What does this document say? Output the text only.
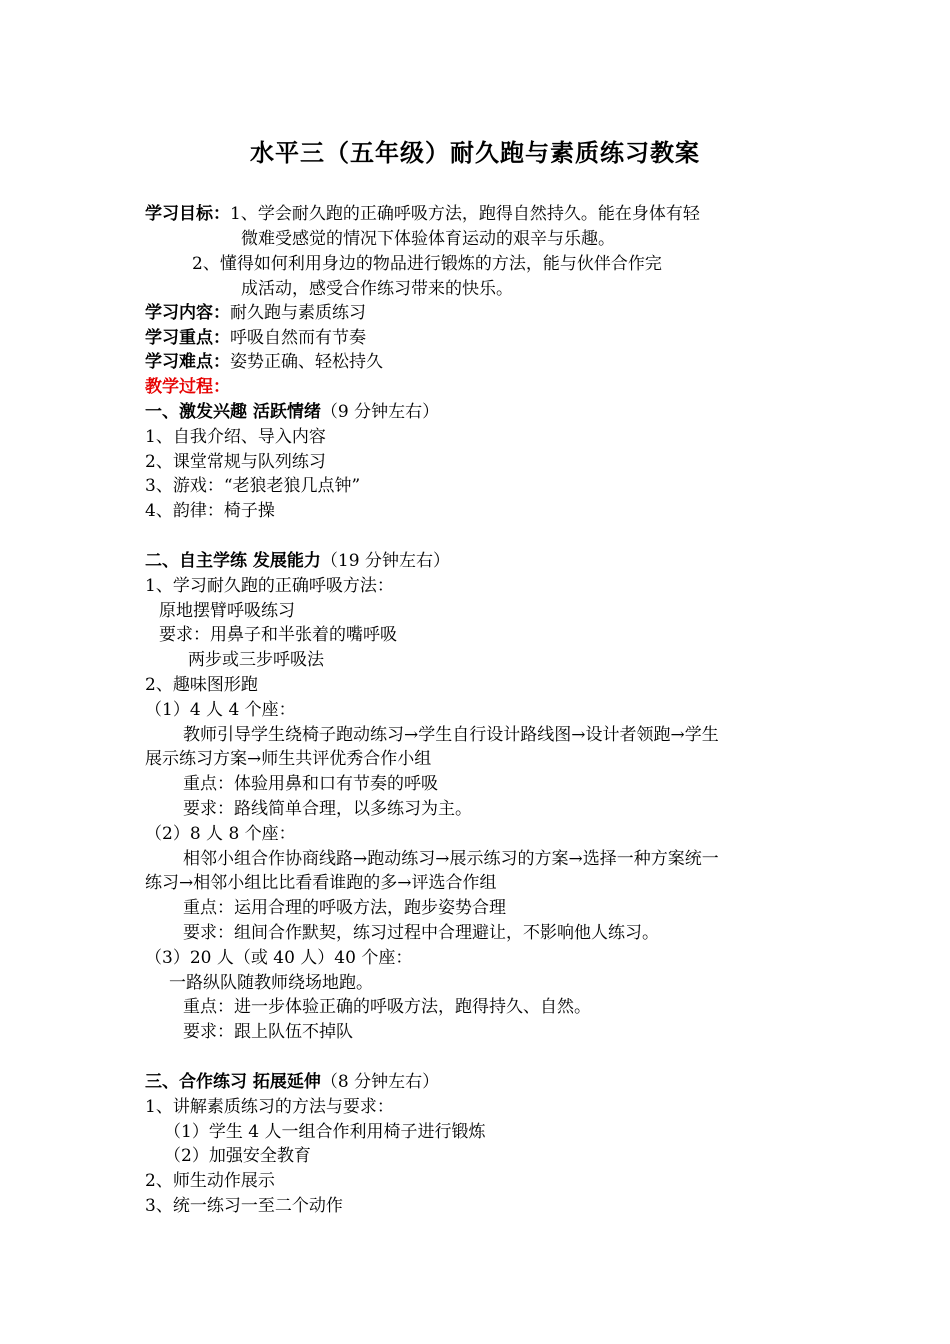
水平三（五年级）耐久跑与素质练习教案
学习目标：1、学会耐久跑的正确呼吸方法，跑得自然持久。能在身体有轻
微难受感觉的情况下体验体育运动的艰辛与乐趣。
2、懂得如何利用身边的物品进行锻炼的方法，能与伙伴合作完
成活动，感受合作练习带来的快乐。
学习内容：耐久跑与素质练习
学习重点：呼吸自然而有节奏
学习难点：姿势正确、轻松持久
教学过程：
一、激发兴趣 活跃情绪（9 分钟左右）
1、自我介绍、导入内容
2、课堂常规与队列练习
3、游戏：“老狼老狼几点钟”
4、韵律：椅子操
二、自主学练 发展能力（19 分钟左右）
1、学习耐久跑的正确呼吸方法：
原地摆臂呼吸练习
要求：用鼻子和半张着的嘴呼吸
两步或三步呼吸法
2、趣味图形跑
（1）4 人 4 个座：
教师引导学生绕椅子跑动练习→学生自行设计路线图→设计者领跑→学生
展示练习方案→师生共评优秀合作小组
重点：体验用鼻和口有节奏的呼吸
要求：路线简单合理，以多练习为主。
（2）8 人 8 个座：
相邻小组合作协商线路→跑动练习→展示练习的方案→选择一种方案统一
练习→相邻小组比比看看谁跑的多→评选合作组
重点：运用合理的呼吸方法，跑步姿势合理
要求：组间合作默契，练习过程中合理避让，不影响他人练习。
（3）20 人（或 40 人）40 个座：
一路纵队随教师绕场地跑。
重点：进一步体验正确的呼吸方法，跑得持久、自然。
要求：跟上队伍不掉队
三、合作练习 拓展延伸（8 分钟左右）
1、讲解素质练习的方法与要求：
（1）学生 4 人一组合作利用椅子进行锻炼
（2）加强安全教育
2、师生动作展示
3、统一练习一至二个动作
